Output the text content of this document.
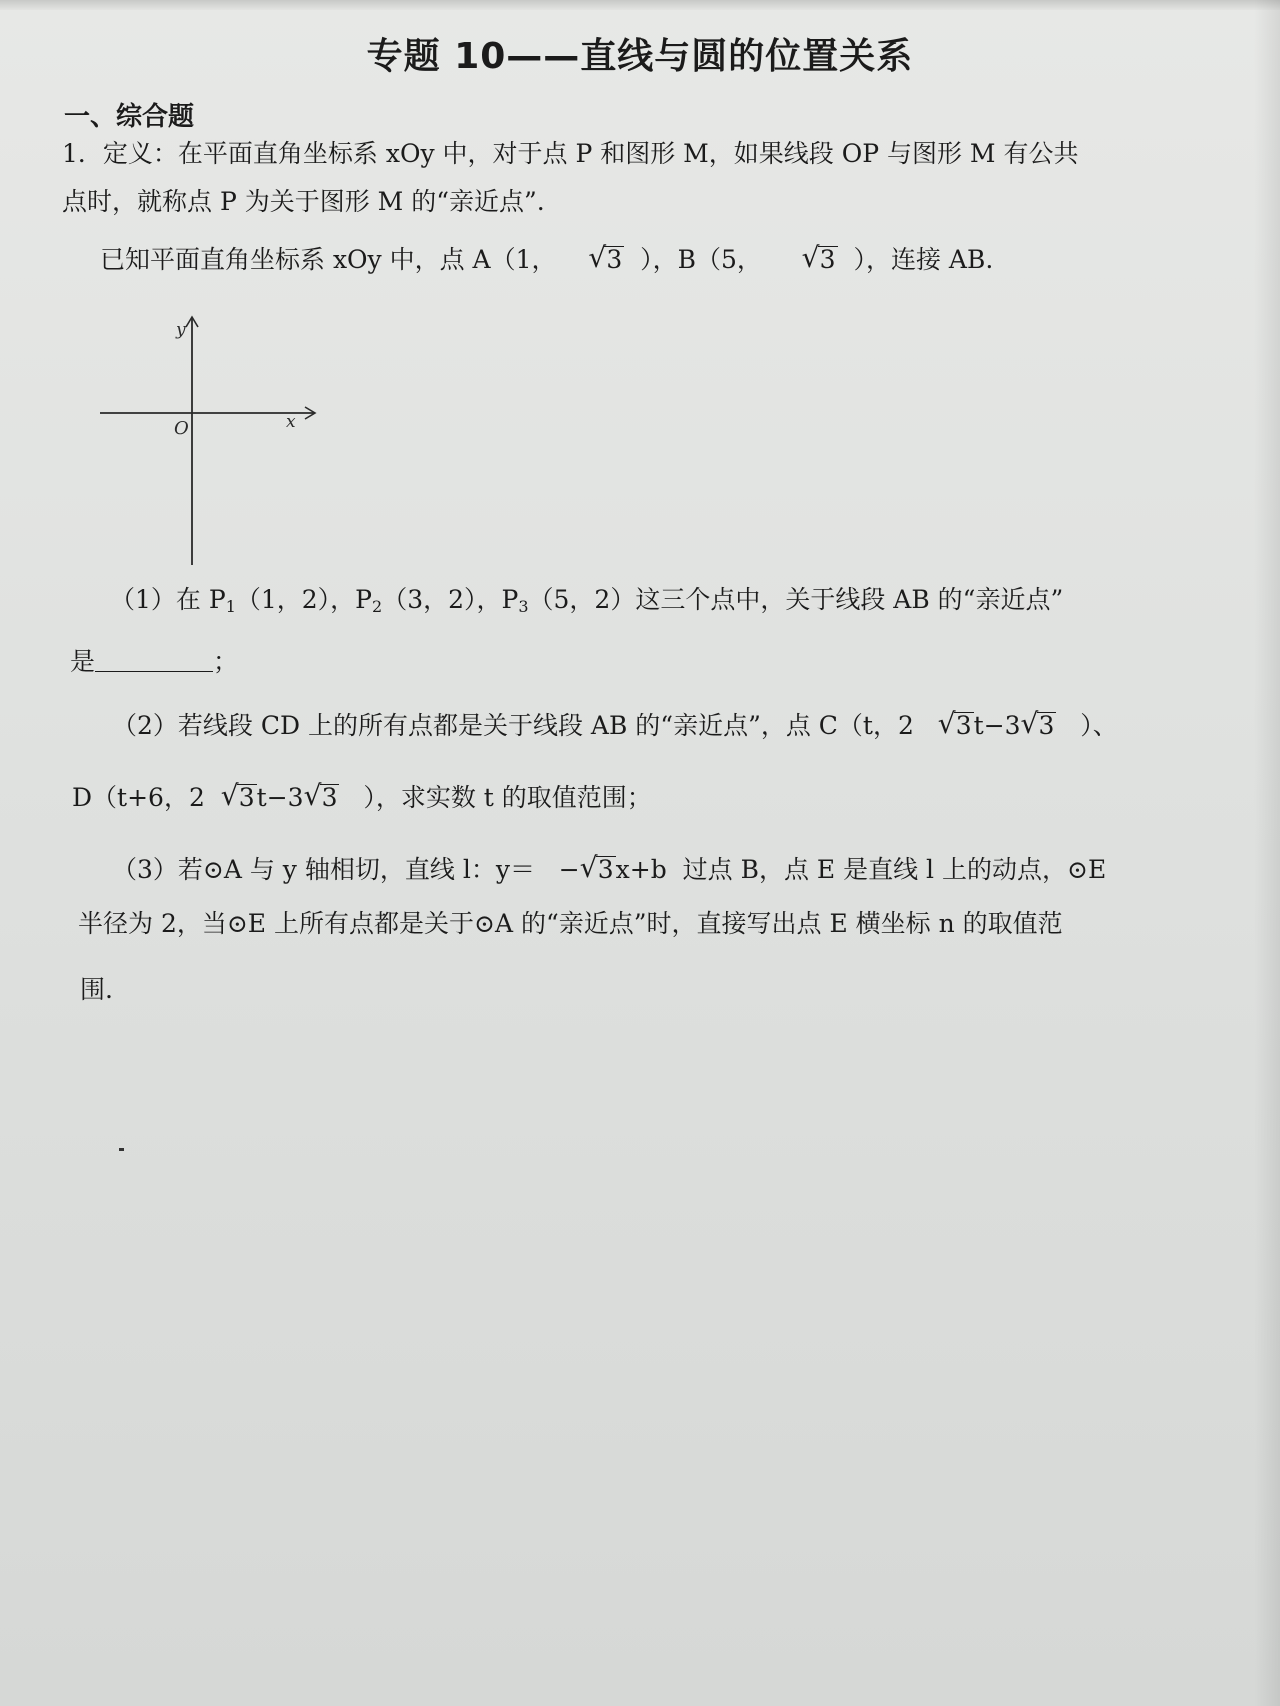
专题 10——直线与圆的位置关系
一、综合题
1．定义：在平面直角坐标系 xOy 中，对于点 P 和图形 M，如果线段 OP 与图形 M 有公共
点时，就称点 P 为关于图形 M 的“亲近点”.
已知平面直角坐标系 xOy 中，点 A（1， √ 3 ），B（5， √ 3 ），连接 AB.
y
x
O
（1）在 $P_1(1$，2），$P_2(3$，2），$P_3(5$，2）这三个点中，关于线段 AB 的“亲近点”
是	；
（2）若线段 CD 上的所有点都是关于线段 AB 的“亲近点”，点 C（t，2 √ 3t−3 √ 3 ）、
D（t+6，2 √ 3t−3 √ 3 ），求实数 t 的取值范围；
（3）若⊙A 与 y 轴相切，直线 l：y＝ − √ 3x+b 过点 B，点 E 是直线 l 上的动点，⊙E
半径为 2，当⊙E 上所有点都是关于⊙A 的“亲近点”时，直接写出点 E 横坐标 n 的取值范
围.
